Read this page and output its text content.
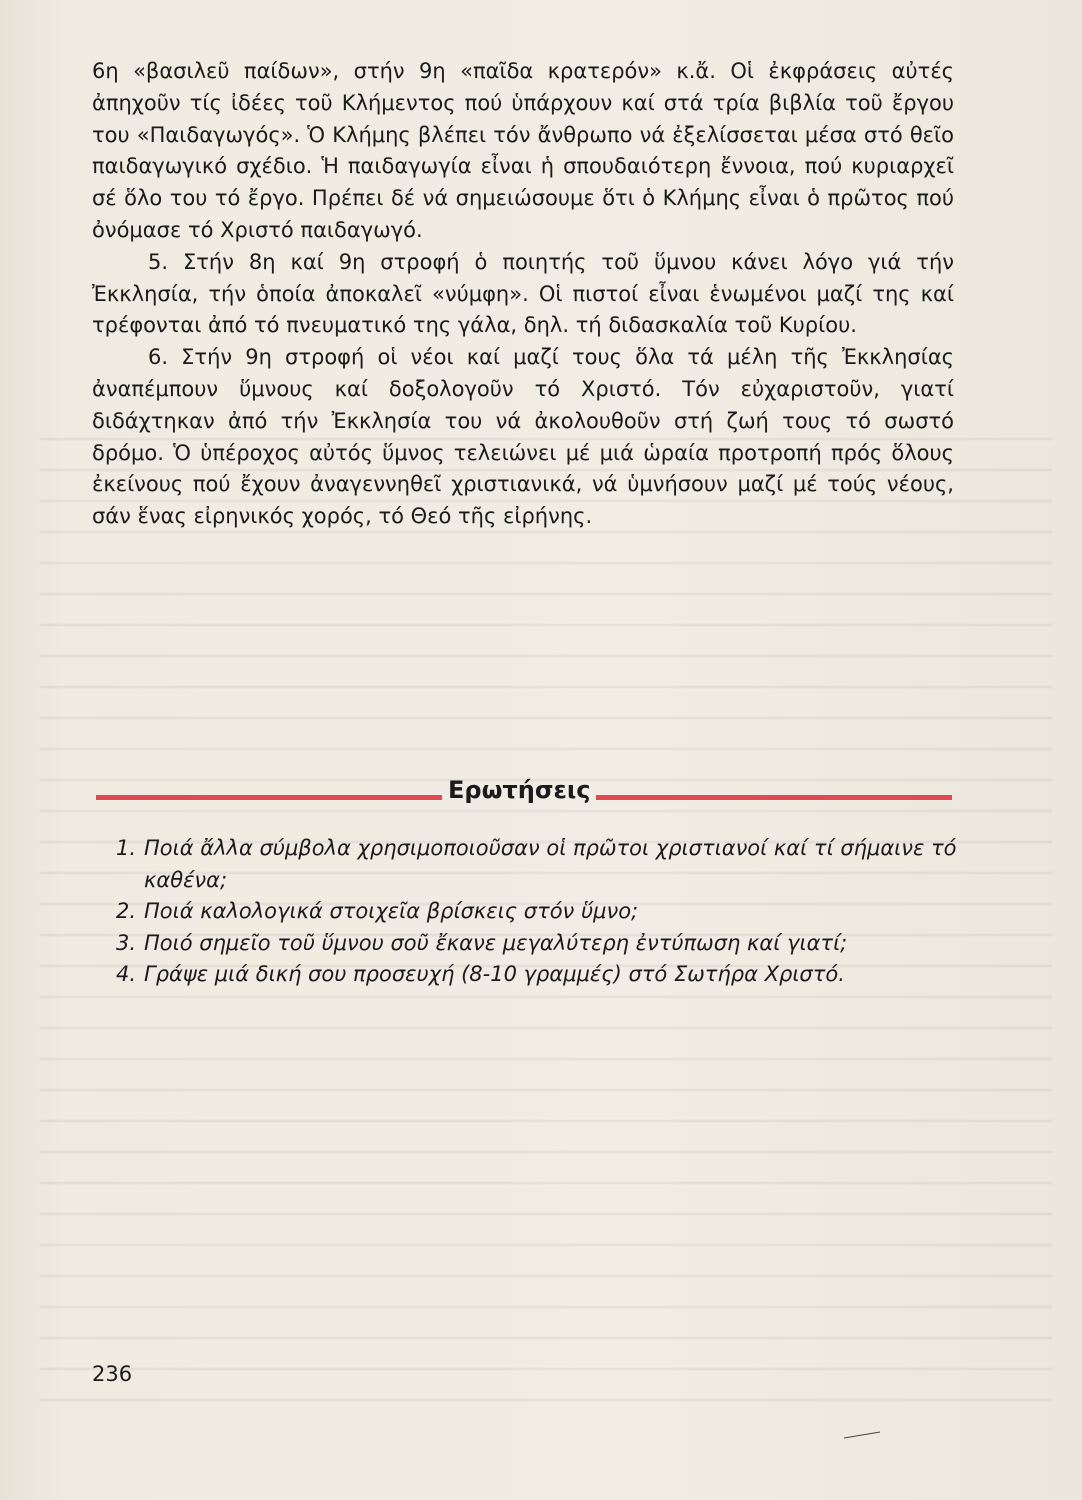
6η «βασιλεῦ παίδων», στήν 9η «παῖδα κρατερόν» κ.ἄ. Οἱ ἐκφράσεις αὐτές ἀπηχοῦν τίς ἰδέες τοῦ Κλήμεντος πού ὑπάρχουν καί στά τρία βιβλία τοῦ ἔργου του «Παιδαγωγός». Ὁ Κλήμης βλέπει τόν ἄνθρωπο νά ἐξελίσσεται μέσα στό θεῖο παιδαγωγικό σχέδιο. Ἡ παιδαγωγία εἶναι ἡ σπουδαιότερη ἔννοια, πού κυριαρχεῖ σέ ὅλο του τό ἔργο. Πρέπει δέ νά σημειώσουμε ὅτι ὁ Κλήμης εἶναι ὁ πρῶτος πού ὀνόμασε τό Χριστό παιδαγωγό.

5. Στήν 8η καί 9η στροφή ὁ ποιητής τοῦ ὕμνου κάνει λόγο γιά τήν Ἐκκλησία, τήν ὁποία ἀποκαλεῖ «νύμφη». Οἱ πιστοί εἶναι ἑνωμένοι μαζί της καί τρέφονται ἀπό τό πνευματικό της γάλα, δηλ. τή διδασκαλία τοῦ Κυρίου.

6. Στήν 9η στροφή οἱ νέοι καί μαζί τους ὅλα τά μέλη τῆς Ἐκκλησίας ἀναπέμπουν ὕμνους καί δοξολογοῦν τό Χριστό. Τόν εὐχαριστοῦν, γιατί διδάχτηκαν ἀπό τήν Ἐκκλησία του νά ἀκολουθοῦν στή ζωή τους τό σωστό δρόμο. Ὁ ὑπέροχος αὐτός ὕμνος τελειώνει μέ μιά ὡραία προτροπή πρός ὅλους ἐκείνους πού ἔχουν ἀναγεννηθεῖ χριστιανικά, νά ὑμνήσουν μαζί μέ τούς νέους, σάν ἕνας εἰρηνικός χορός, τό Θεό τῆς εἰρήνης.

Ερωτήσεις
1. Ποιά ἄλλα σύμβολα χρησιμοποιοῦσαν οἱ πρῶτοι χριστιανοί καί τί σήμαινε τό καθένα;
2. Ποιά καλολογικά στοιχεῖα βρίσκεις στόν ὕμνο;
3. Ποιό σημεῖο τοῦ ὕμνου σοῦ ἔκανε μεγαλύτερη ἐντύπωση καί γιατί;
4. Γράψε μιά δική σου προσευχή (8-10 γραμμές) στό Σωτήρα Χριστό.
236
